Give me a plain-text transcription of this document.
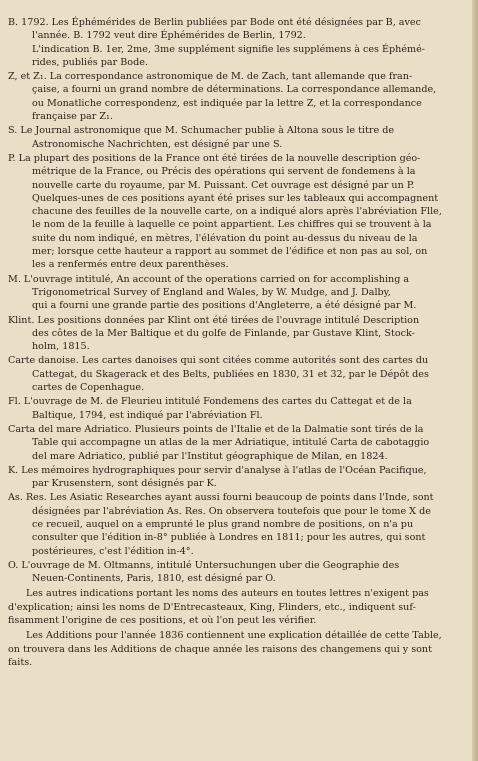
B. 1792. Les Éphémérides de Berlin publiées par Bode ont été désignées par B, avec
l'année. B. 1792 veut dire Éphémérides de Berlin, 1792.
L'indication B. 1er, 2me, 3me supplément signifie les supplémens à ces Éphémé-
rides, publiés par Bode.
Z, et Z₁. La correspondance astronomique de M. de Zach, tant allemande que fran-
çaise, a fourni un grand nombre de déterminations. La correspondance allemande,
ou Monatliche correspondenz, est indiquée par la lettre Z, et la correspondance
française par Z₁.
S. Le Journal astronomique que M. Schumacher publie à Altona sous le titre de
Astronomische Nachrichten, est désigné par une S.
P. La plupart des positions de la France ont été tirées de la nouvelle description géo-
métrique de la France, ou Précis des opérations qui servent de fondemens à la
nouvelle carte du royaume, par M. Puissant. Cet ouvrage est désigné par un P.
Quelques-unes de ces positions ayant été prises sur les tableaux qui accompagnent
chacune des feuilles de la nouvelle carte, on a indiqué alors après l'abréviation Flle,
le nom de la feuille à laquelle ce point appartient. Les chiffres qui se trouvent à la
suite du nom indiqué, en mètres, l'élévation du point au-dessus du niveau de la
mer; lorsque cette hauteur a rapport au sommet de l'édifice et non pas au sol, on
les a renfermés entre deux parenthèses.
M. L'ouvrage intitulé, An account of the operations carried on for accomplishing a
Trigonometrical Survey of England and Wales, by W. Mudge, and J. Dalby,
qui a fourni une grande partie des positions d'Angleterre, a été désigné par M.
Klint. Les positions données par Klint ont été tirées de l'ouvrage intitulé Description
des côtes de la Mer Baltique et du golfe de Finlande, par Gustave Klint, Stock-
holm, 1815.
Carte danoise. Les cartes danoises qui sont citées comme autorités sont des cartes du
Cattegat, du Skagerack et des Belts, publiées en 1830, 31 et 32, par le Dépôt des
cartes de Copenhague.
Fl. L'ouvrage de M. de Fleurieu intitulé Fondemens des cartes du Cattegat et de la
Baltique, 1794, est indiqué par l'abréviation Fl.
Carta del mare Adriatico. Plusieurs points de l'Italie et de la Dalmatie sont tirés de la
Table qui accompagne un atlas de la mer Adriatique, intitulé Carta de cabotaggio
del mare Adriatico, publié par l'Institut géographique de Milan, en 1824.
K. Les mémoires hydrographiques pour servir d'analyse à l'atlas de l'Océan Pacifique,
par Krusenstern, sont désignés par K.
As. Res. Les Asiatic Researches ayant aussi fourni beaucoup de points dans l'Inde, sont
désignées par l'abréviation As. Res. On observera toutefois que pour le tome X de
ce recueil, auquel on a emprunté le plus grand nombre de positions, on n'a pu
consulter que l'édition in-8° publiée à Londres en 1811; pour les autres, qui sont
postérieures, c'est l'édition in-4°.
O. L'ouvrage de M. Oltmanns, intitulé Untersuchungen uber die Geographie des
Neuen-Continents, Paris, 1810, est désigné par O.
Les autres indications portant les noms des auteurs en toutes lettres n'exigent pas
d'explication; ainsi les noms de D'Entrecasteaux, King, Flinders, etc., indiquent suf-
fisamment l'origine de ces positions, et où l'on peut les vérifier.
Les Additions pour l'année 1836 contiennent une explication détaillée de cette Table,
on trouvera dans les Additions de chaque année les raisons des changemens qui y sont
faits.
